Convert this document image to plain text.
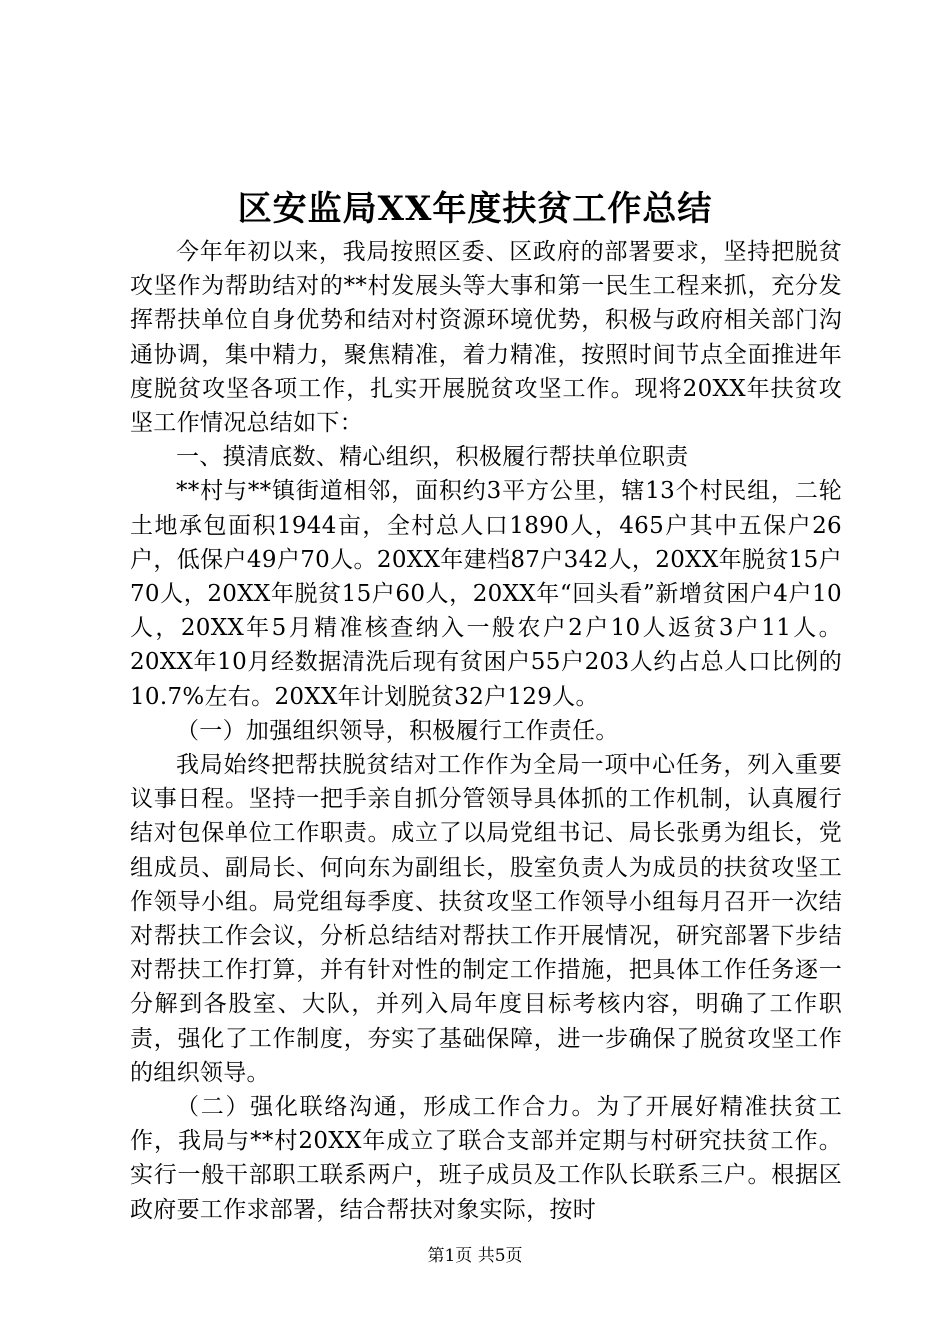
区安监局XX年度扶贫工作总结

今年年初以来，我局按照区委、区政府的部署要求，坚持把脱贫攻坚作为帮助结对的**村发展头等大事和第一民生工程来抓，充分发挥帮扶单位自身优势和结对村资源环境优势，积极与政府相关部门沟通协调，集中精力，聚焦精准，着力精准，按照时间节点全面推进年度脱贫攻坚各项工作，扎实开展脱贫攻坚工作。现将20XX年扶贫攻坚工作情况总结如下：

一、摸清底数、精心组织，积极履行帮扶单位职责

**村与**镇街道相邻，面积约3平方公里，辖13个村民组，二轮土地承包面积1944亩，全村总人口1890人，465户其中五保户26户，低保户49户70人。20XX年建档87户342人，20XX年脱贫15户70人，20XX年脱贫15户60人，20XX年“回头看”新增贫困户4户10人，20XX年5月精准核查纳入一般农户2户10人返贫3户11人。20XX年10月经数据清洗后现有贫困户55户203人约占总人口比例的10.7%左右。20XX年计划脱贫32户129人。

（一）加强组织领导，积极履行工作责任。

我局始终把帮扶脱贫结对工作作为全局一项中心任务，列入重要议事日程。坚持一把手亲自抓分管领导具体抓的工作机制，认真履行结对包保单位工作职责。成立了以局党组书记、局长张勇为组长，党组成员、副局长、何向东为副组长，股室负责人为成员的扶贫攻坚工作领导小组。局党组每季度、扶贫攻坚工作领导小组每月召开一次结对帮扶工作会议，分析总结结对帮扶工作开展情况，研究部署下步结对帮扶工作打算，并有针对性的制定工作措施，把具体工作任务逐一分解到各股室、大队，并列入局年度目标考核内容，明确了工作职责，强化了工作制度，夯实了基础保障，进一步确保了脱贫攻坚工作的组织领导。

（二）强化联络沟通，形成工作合力。为了开展好精准扶贫工作，我局与**村20XX年成立了联合支部并定期与村研究扶贫工作。实行一般干部职工联系两户，班子成员及工作队长联系三户。根据区政府要工作求部署，结合帮扶对象实际，按时

第1页 共5页
